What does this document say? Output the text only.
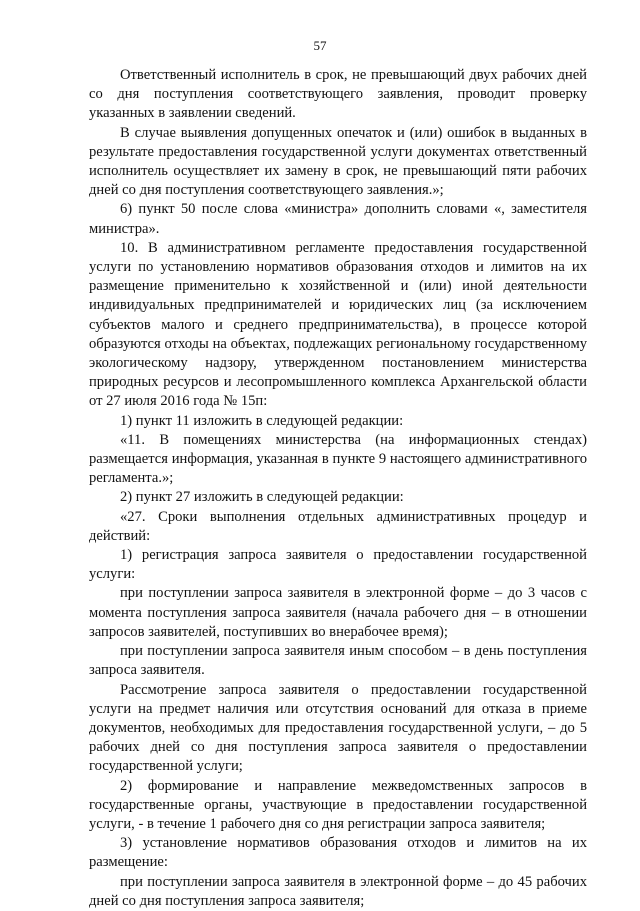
57

Ответственный исполнитель в срок, не превышающий двух рабочих дней со дня поступления соответствующего заявления, проводит проверку указанных в заявлении сведений.

В случае выявления допущенных опечаток и (или) ошибок в выданных в результате предоставления государственной услуги документах ответственный исполнитель осуществляет их замену в срок, не превышающий пяти рабочих дней со дня поступления соответствующего заявления.»;

6) пункт 50 после слова «министра» дополнить словами «, заместителя министра».

10. В административном регламенте предоставления государственной услуги по установлению нормативов образования отходов и лимитов на их размещение применительно к хозяйственной и (или) иной деятельности индивидуальных предпринимателей и юридических лиц (за исключением субъектов малого и среднего предпринимательства), в процессе которой образуются отходы на объектах, подлежащих региональному государственному экологическому надзору, утвержденном постановлением министерства природных ресурсов и лесопромышленного комплекса Архангельской области от 27 июля 2016 года № 15п:

1) пункт 11 изложить в следующей редакции:

«11. В помещениях министерства (на информационных стендах) размещается информация, указанная в пункте 9 настоящего административного регламента.»;

2) пункт 27 изложить в следующей редакции:

«27. Сроки выполнения отдельных административных процедур и действий:

1) регистрация запроса заявителя о предоставлении государственной услуги:

при поступлении запроса заявителя в электронной форме – до 3 часов с момента поступления запроса заявителя (начала рабочего дня – в отношении запросов заявителей, поступивших во внерабочее время);

при поступлении запроса заявителя иным способом – в день поступления запроса заявителя.

Рассмотрение запроса заявителя о предоставлении государственной услуги на предмет наличия или отсутствия оснований для отказа в приеме документов, необходимых для предоставления государственной услуги, – до 5 рабочих дней со дня поступления запроса заявителя о предоставлении государственной услуги;

2) формирование и направление межведомственных запросов в государственные органы, участвующие в предоставлении государственной услуги, - в течение 1 рабочего дня со дня регистрации запроса заявителя;

3) установление нормативов образования отходов и лимитов на их размещение:

при поступлении запроса заявителя в электронной форме – до 45 рабочих дней со дня поступления запроса заявителя;
